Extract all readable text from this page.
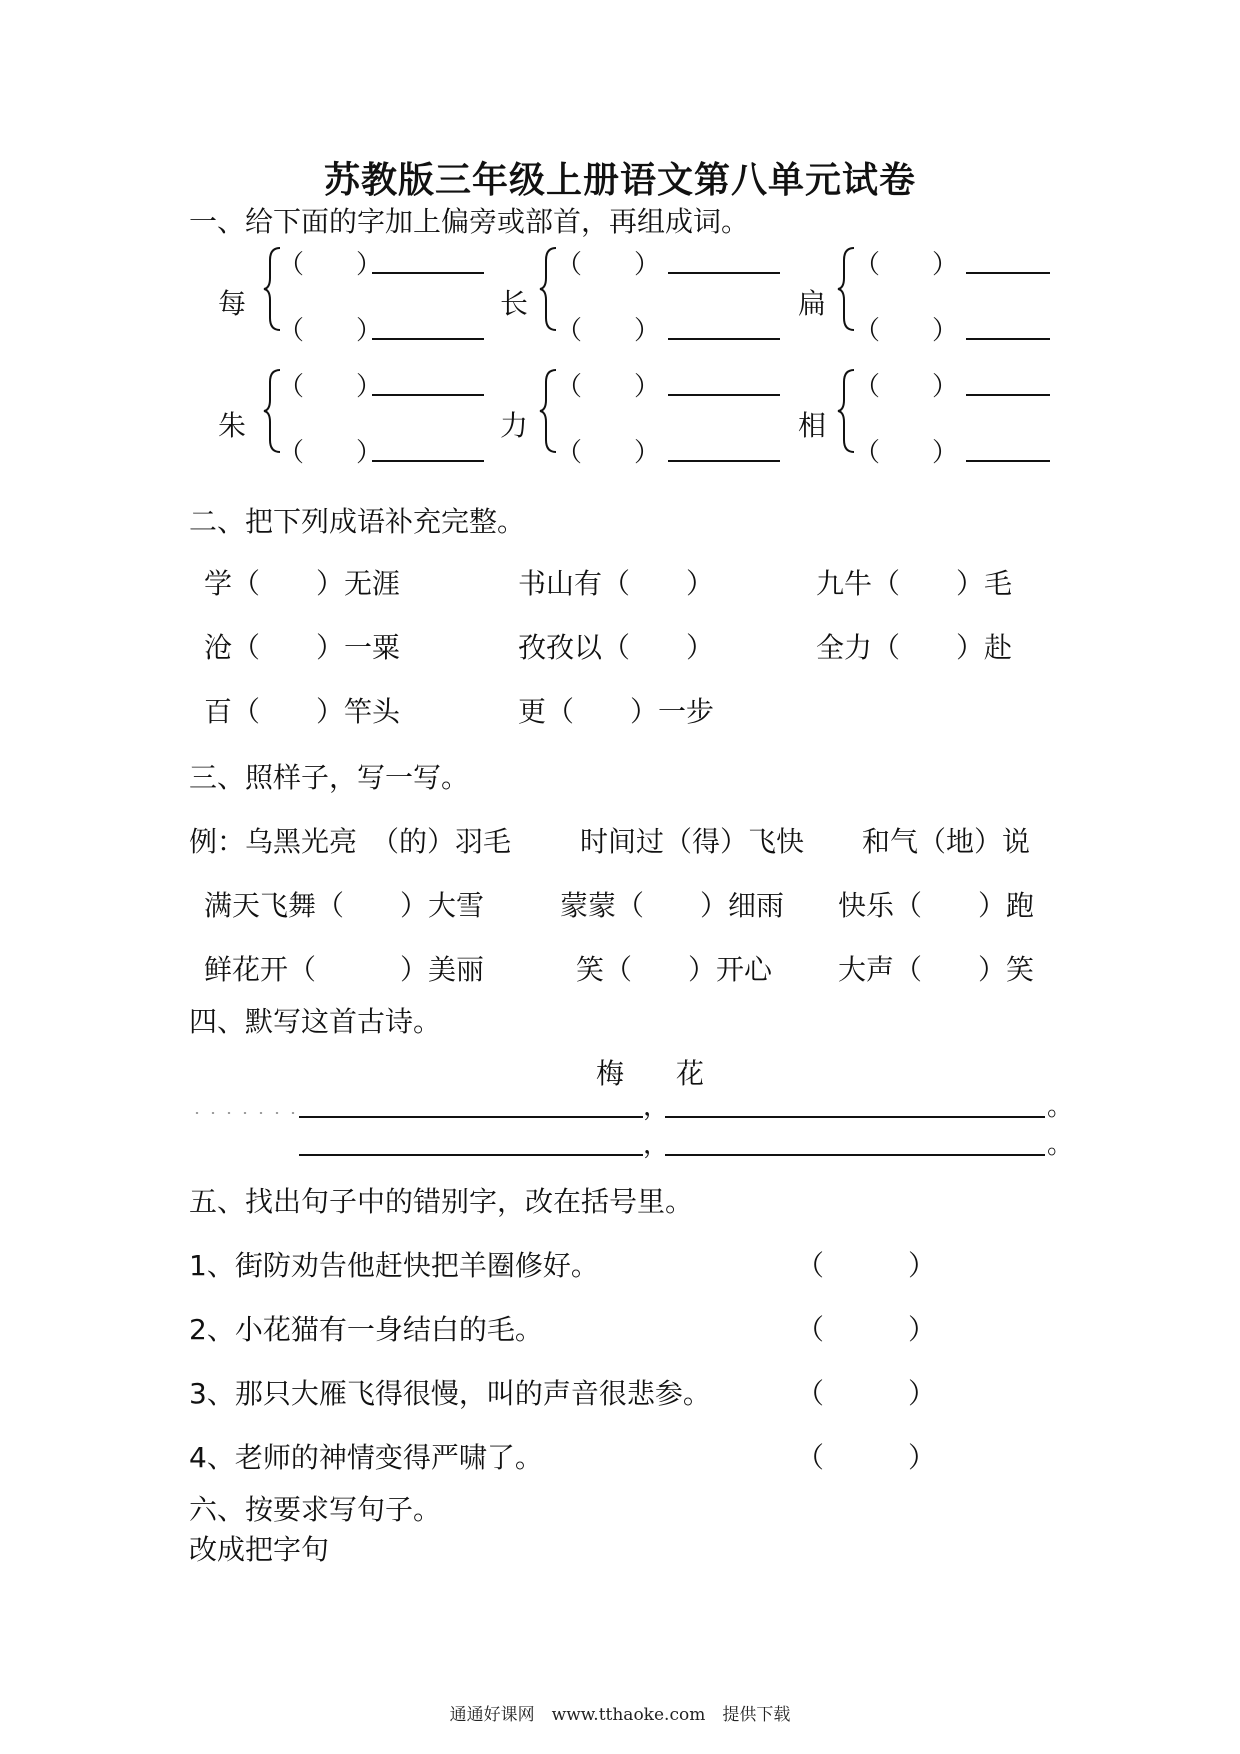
苏教版三年级上册语文第八单元试卷
一、给下面的字加上偏旁或部首，再组成词。
每
（　　）
（　　）
长
（　　）
（　　）
扁
（　　）
（　　）
朱
（　　）
（　　）
力
（　　）
（　　）
相
（　　）
（　　）
二、把下列成语补充完整。
学（　　）无涯	书山有（　　）	九牛（　　）毛
沧（　　）一粟	孜孜以（　　）	全力（　　）赴
百（　　）竿头	更（　　）一步
三、照样子，写一写。
例：乌黑光亮　（的）羽毛 时间过（得）飞快 和气（地）说
满天飞舞（　　）大雪	蒙蒙（　　）细雨 快乐（　　）跑
鲜花开（　　　）美丽	笑（　　）开心 大声（　　）笑
四、默写这首古诗。
梅花
，	。
，	。
五、找出句子中的错别字，改在括号里。
1、街防劝告他赶快把羊圈修好。	（　　　）
2、小花猫有一身结白的毛。	（　　　）
3、那只大雁飞得很慢，叫的声音很悲参。	（　　　）
4、老师的神情变得严啸了。	（　　　）
六、按要求写句子。
改成把字句
通通好课网　www.tthaoke.com　提供下载
